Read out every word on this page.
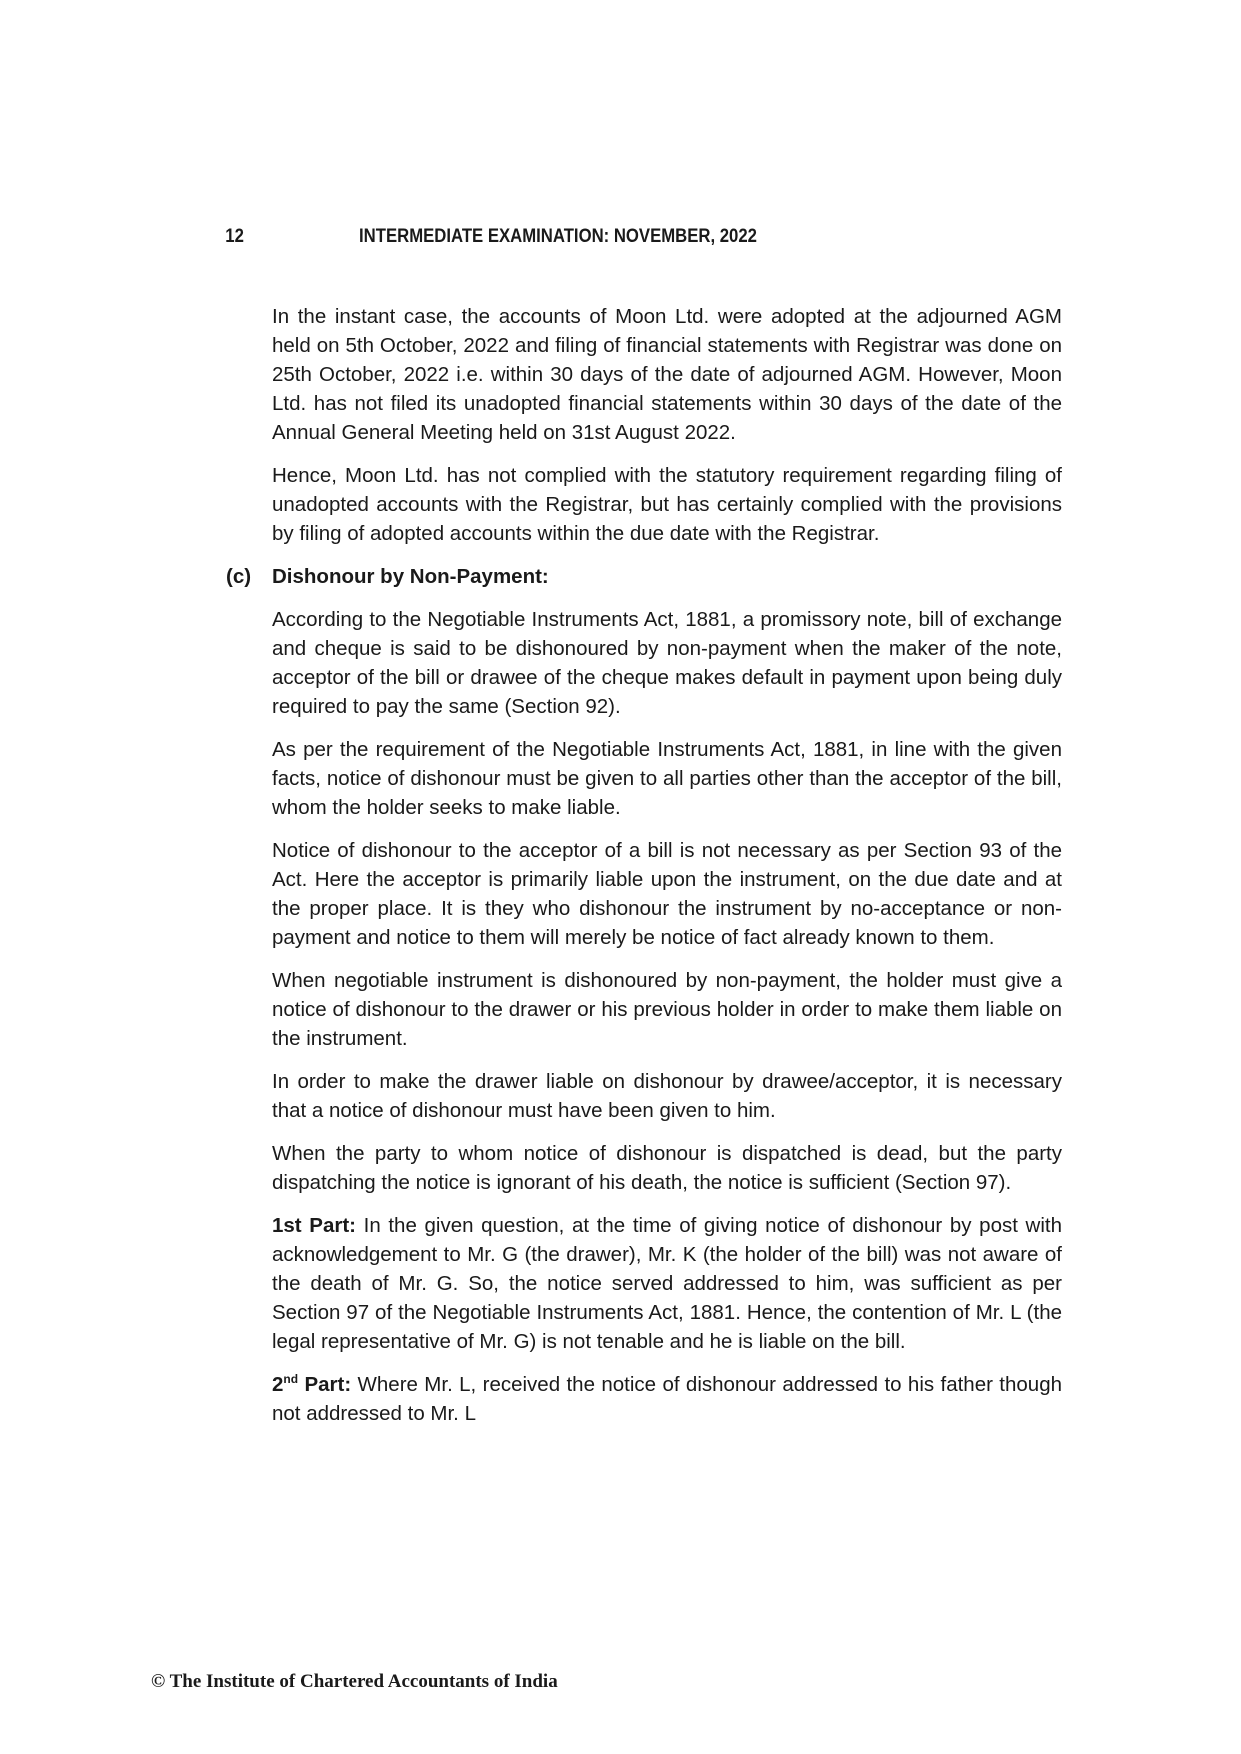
12	INTERMEDIATE EXAMINATION: NOVEMBER, 2022

In the instant case, the accounts of Moon Ltd. were adopted at the adjourned AGM held on 5th October, 2022 and filing of financial statements with Registrar was done on 25th October, 2022 i.e. within 30 days of the date of adjourned AGM. However, Moon Ltd. has not filed its unadopted financial statements within 30 days of the date of the Annual General Meeting held on 31st August 2022.

Hence, Moon Ltd. has not complied with the statutory requirement regarding filing of unadopted accounts with the Registrar, but has certainly complied with the provisions by filing of adopted accounts within the due date with the Registrar.

(c) Dishonour by Non-Payment:

According to the Negotiable Instruments Act, 1881, a promissory note, bill of exchange and cheque is said to be dishonoured by non-payment when the maker of the note, acceptor of the bill or drawee of the cheque makes default in payment upon being duly required to pay the same (Section 92).

As per the requirement of the Negotiable Instruments Act, 1881, in line with the given facts, notice of dishonour must be given to all parties other than the acceptor of the bill, whom the holder seeks to make liable.

Notice of dishonour to the acceptor of a bill is not necessary as per Section 93 of the Act. Here the acceptor is primarily liable upon the instrument, on the due date and at the proper place. It is they who dishonour the instrument by no-acceptance or non-payment and notice to them will merely be notice of fact already known to them.

When negotiable instrument is dishonoured by non-payment, the holder must give a notice of dishonour to the drawer or his previous holder in order to make them liable on the instrument.

In order to make the drawer liable on dishonour by drawee/acceptor, it is necessary that a notice of dishonour must have been given to him.

When the party to whom notice of dishonour is dispatched is dead, but the party dispatching the notice is ignorant of his death, the notice is sufficient (Section 97).

1st Part: In the given question, at the time of giving notice of dishonour by post with acknowledgement to Mr. G (the drawer), Mr. K (the holder of the bill) was not aware of the death of Mr. G. So, the notice served addressed to him, was sufficient as per Section 97 of the Negotiable Instruments Act, 1881. Hence, the contention of Mr. L (the legal representative of Mr. G) is not tenable and he is liable on the bill.

2nd Part: Where Mr. L, received the notice of dishonour addressed to his father though not addressed to Mr. L

© The Institute of Chartered Accountants of India
